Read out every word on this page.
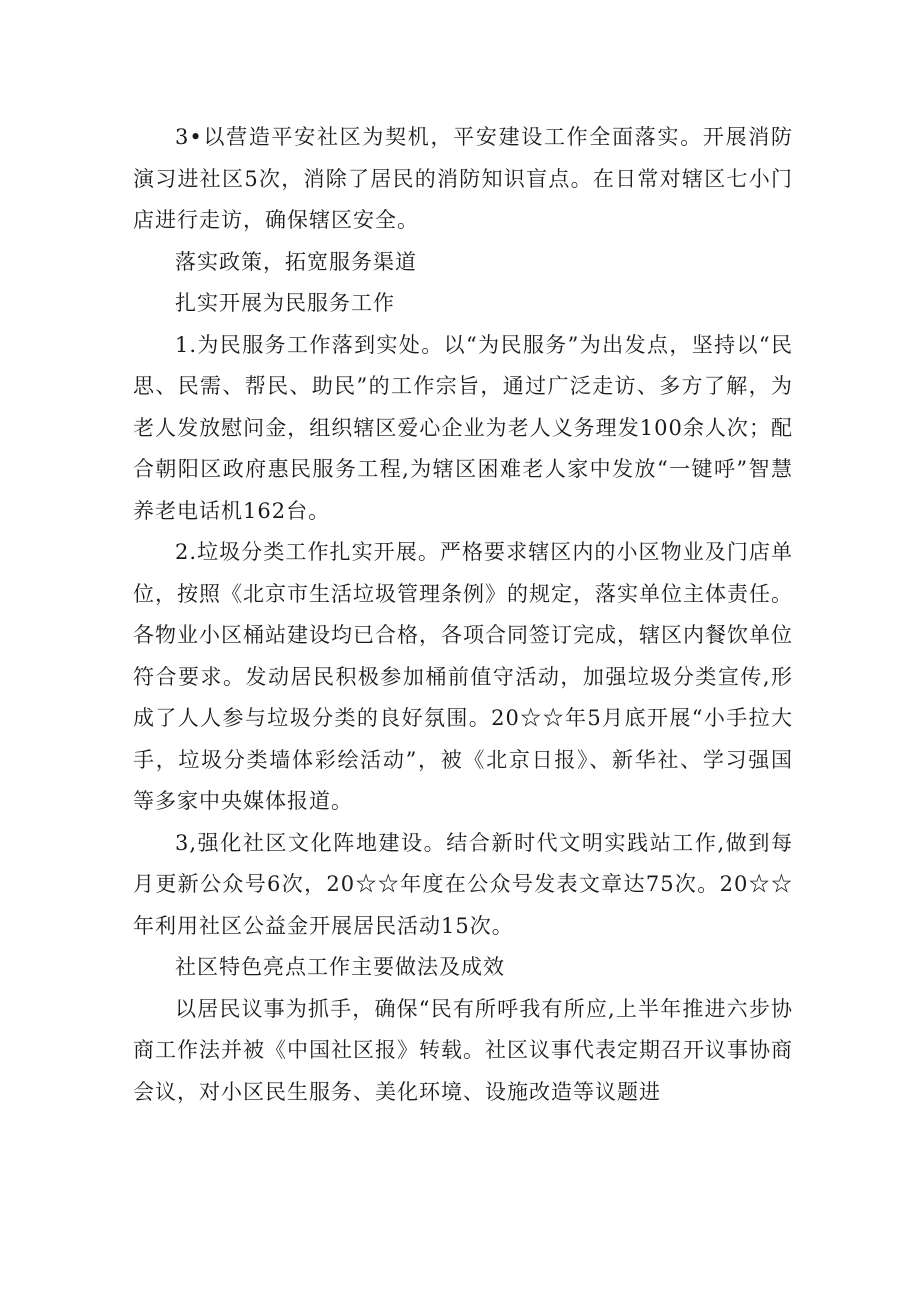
3•以营造平安社区为契机，平安建设工作全面落实。开展消防演习进社区5次，消除了居民的消防知识盲点。在日常对辖区七小门店进行走访，确保辖区安全。

落实政策，拓宽服务渠道

扎实开展为民服务工作

1.为民服务工作落到实处。以“为民服务”为出发点，坚持以“民思、民需、帮民、助民”的工作宗旨，通过广泛走访、多方了解，为老人发放慰问金，组织辖区爱心企业为老人义务理发100余人次；配合朝阳区政府惠民服务工程,为辖区困难老人家中发放“一键呼”智慧养老电话机162台。

2.垃圾分类工作扎实开展。严格要求辖区内的小区物业及门店单位，按照《北京市生活垃圾管理条例》的规定，落实单位主体责任。各物业小区桶站建设均已合格，各项合同签订完成，辖区内餐饮单位符合要求。发动居民积极参加桶前值守活动，加强垃圾分类宣传,形成了人人参与垃圾分类的良好氛围。20☆☆年5月底开展“小手拉大手，垃圾分类墙体彩绘活动”，被《北京日报》、新华社、学习强国等多家中央媒体报道。

3,强化社区文化阵地建设。结合新时代文明实践站工作,做到每月更新公众号6次，20☆☆年度在公众号发表文章达75次。20☆☆年利用社区公益金开展居民活动15次。

社区特色亮点工作主要做法及成效

以居民议事为抓手，确保“民有所呼我有所应,上半年推进六步协商工作法并被《中国社区报》转载。社区议事代表定期召开议事协商会议，对小区民生服务、美化环境、设施改造等议题进
